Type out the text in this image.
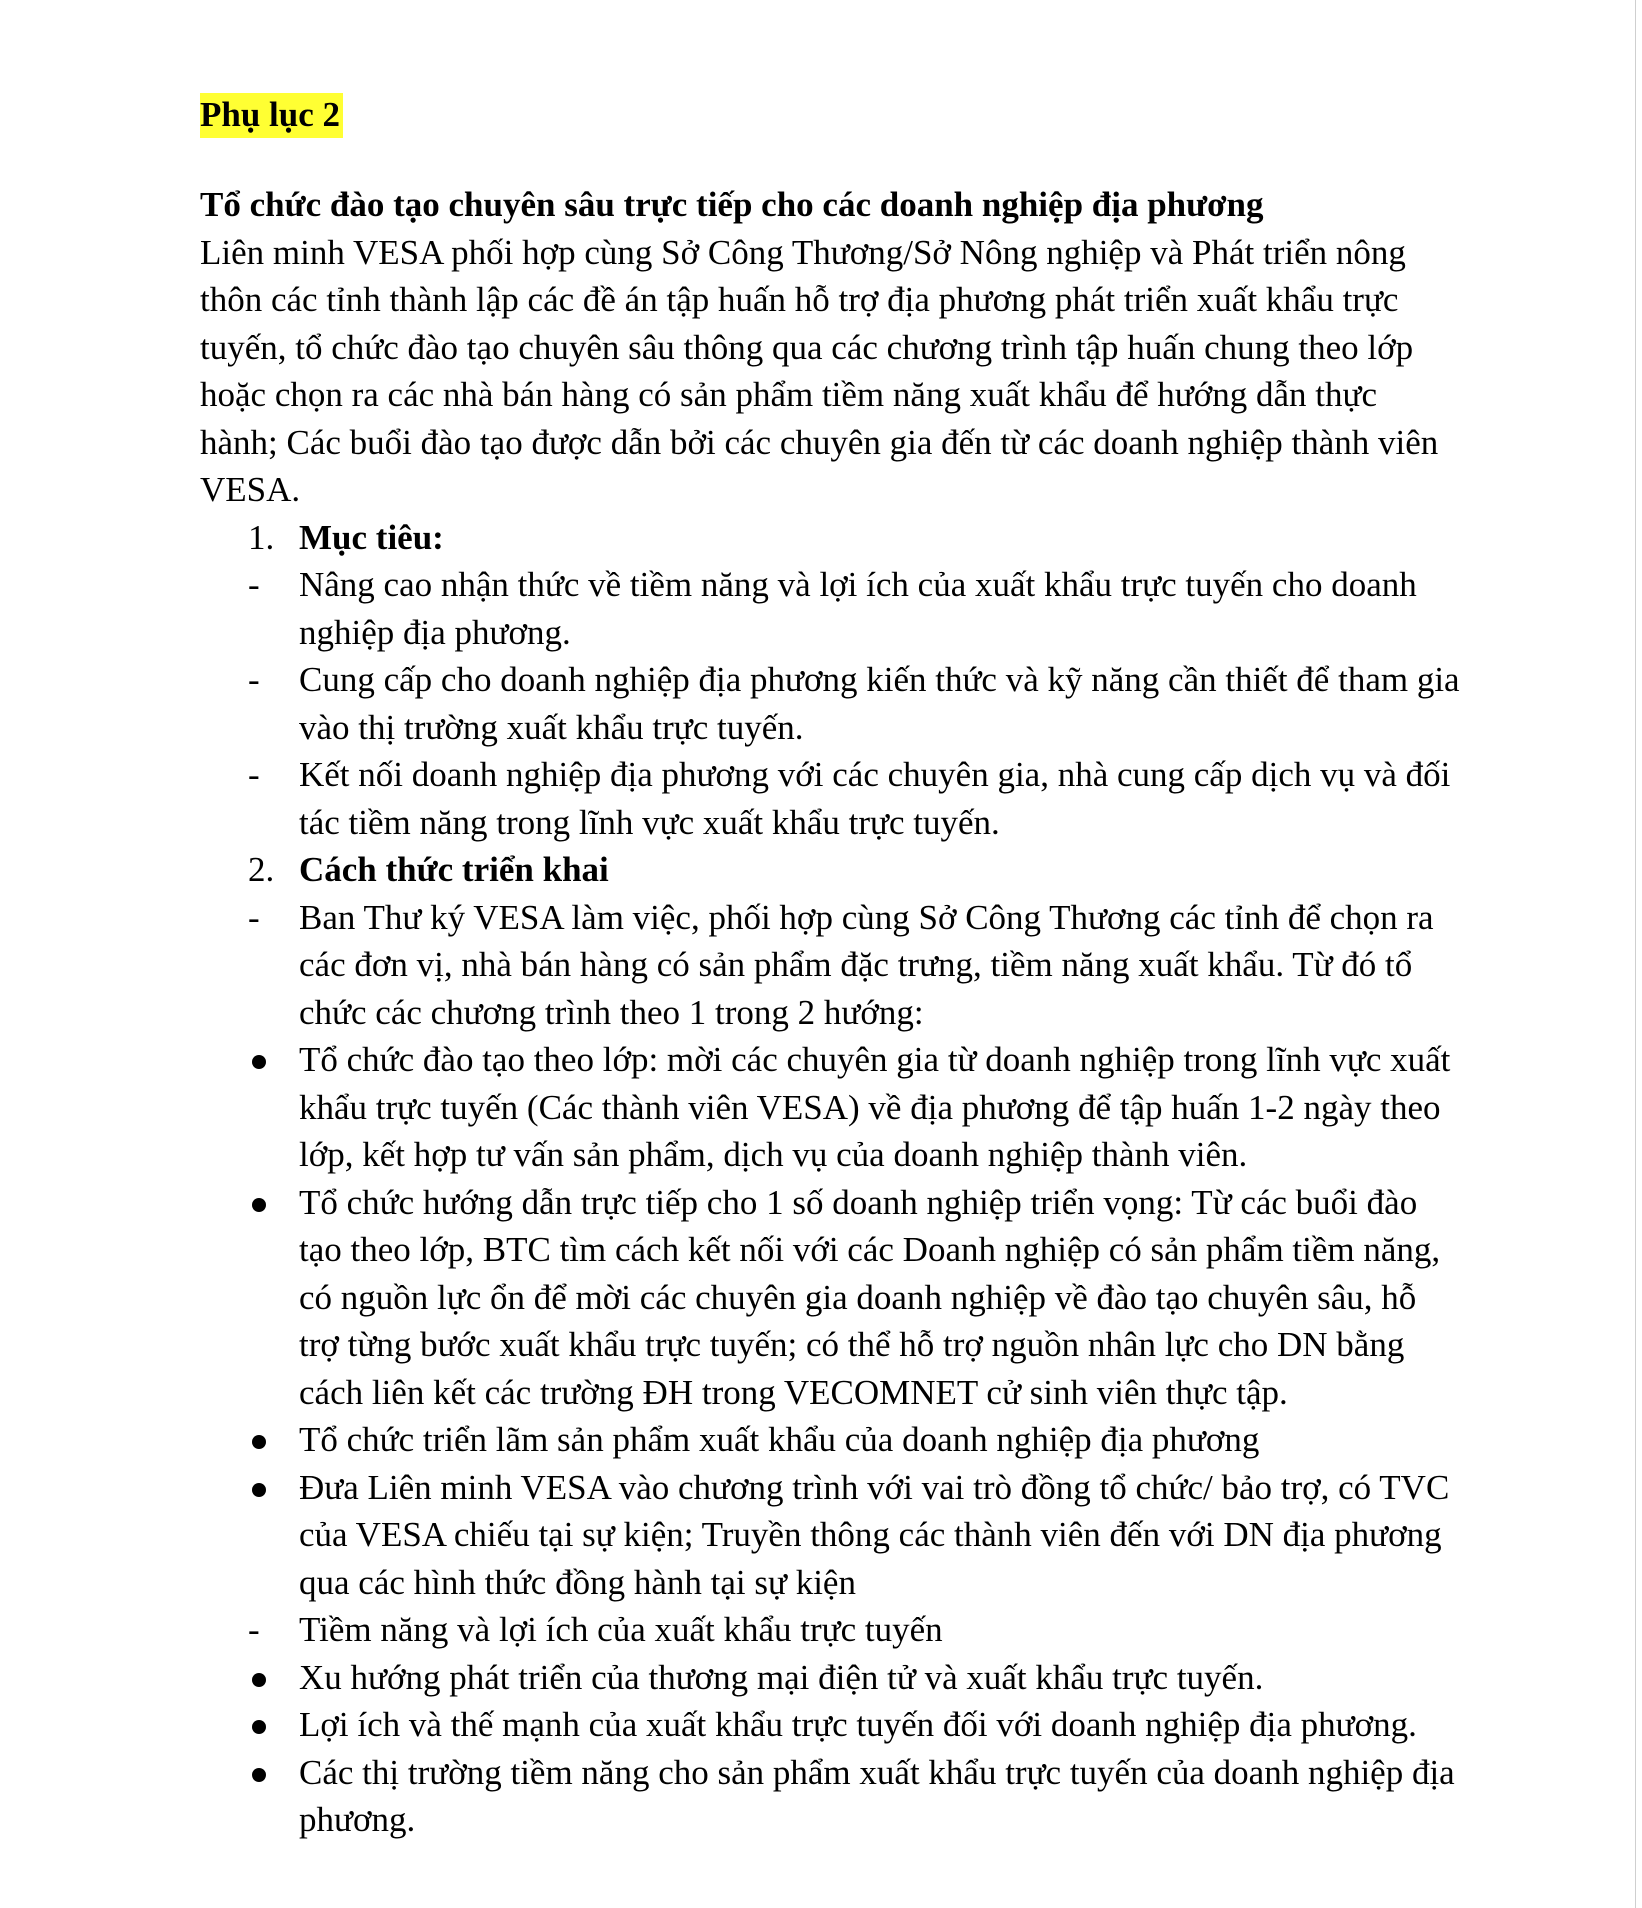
Phụ lục 2

Tổ chức đào tạo chuyên sâu trực tiếp cho các doanh nghiệp địa phương

Liên minh VESA phối hợp cùng Sở Công Thương/Sở Nông nghiệp và Phát triển nông thôn các tỉnh thành lập các đề án tập huấn hỗ trợ địa phương phát triển xuất khẩu trực tuyến, tổ chức đào tạo chuyên sâu thông qua các chương trình tập huấn chung theo lớp hoặc chọn ra các nhà bán hàng có sản phẩm tiềm năng xuất khẩu để hướng dẫn thực hành; Các buổi đào tạo được dẫn bởi các chuyên gia đến từ các doanh nghiệp thành viên VESA.

1. Mục tiêu:
- Nâng cao nhận thức về tiềm năng và lợi ích của xuất khẩu trực tuyến cho doanh nghiệp địa phương.
- Cung cấp cho doanh nghiệp địa phương kiến thức và kỹ năng cần thiết để tham gia vào thị trường xuất khẩu trực tuyến.
- Kết nối doanh nghiệp địa phương với các chuyên gia, nhà cung cấp dịch vụ và đối tác tiềm năng trong lĩnh vực xuất khẩu trực tuyến.
2. Cách thức triển khai
- Ban Thư ký VESA làm việc, phối hợp cùng Sở Công Thương các tỉnh để chọn ra các đơn vị, nhà bán hàng có sản phẩm đặc trưng, tiềm năng xuất khẩu. Từ đó tổ chức các chương trình theo 1 trong 2 hướng:
Tổ chức đào tạo theo lớp: mời các chuyên gia từ doanh nghiệp trong lĩnh vực xuất khẩu trực tuyến (Các thành viên VESA) về địa phương để tập huấn 1-2 ngày theo lớp, kết hợp tư vấn sản phẩm, dịch vụ của doanh nghiệp thành viên.
Tổ chức hướng dẫn trực tiếp cho 1 số doanh nghiệp triển vọng: Từ các buổi đào tạo theo lớp, BTC tìm cách kết nối với các Doanh nghiệp có sản phẩm tiềm năng, có nguồn lực ổn để mời các chuyên gia doanh nghiệp về đào tạo chuyên sâu, hỗ trợ từng bước xuất khẩu trực tuyến; có thể hỗ trợ nguồn nhân lực cho DN bằng cách liên kết các trường ĐH trong VECOMNET cử sinh viên thực tập.
Tổ chức triển lãm sản phẩm xuất khẩu của doanh nghiệp địa phương
Đưa Liên minh VESA vào chương trình với vai trò đồng tổ chức/ bảo trợ, có TVC của VESA chiếu tại sự kiện; Truyền thông các thành viên đến với DN địa phương qua các hình thức đồng hành tại sự kiện
- Tiềm năng và lợi ích của xuất khẩu trực tuyến
Xu hướng phát triển của thương mại điện tử và xuất khẩu trực tuyến.
Lợi ích và thế mạnh của xuất khẩu trực tuyến đối với doanh nghiệp địa phương.
Các thị trường tiềm năng cho sản phẩm xuất khẩu trực tuyến của doanh nghiệp địa phương.
